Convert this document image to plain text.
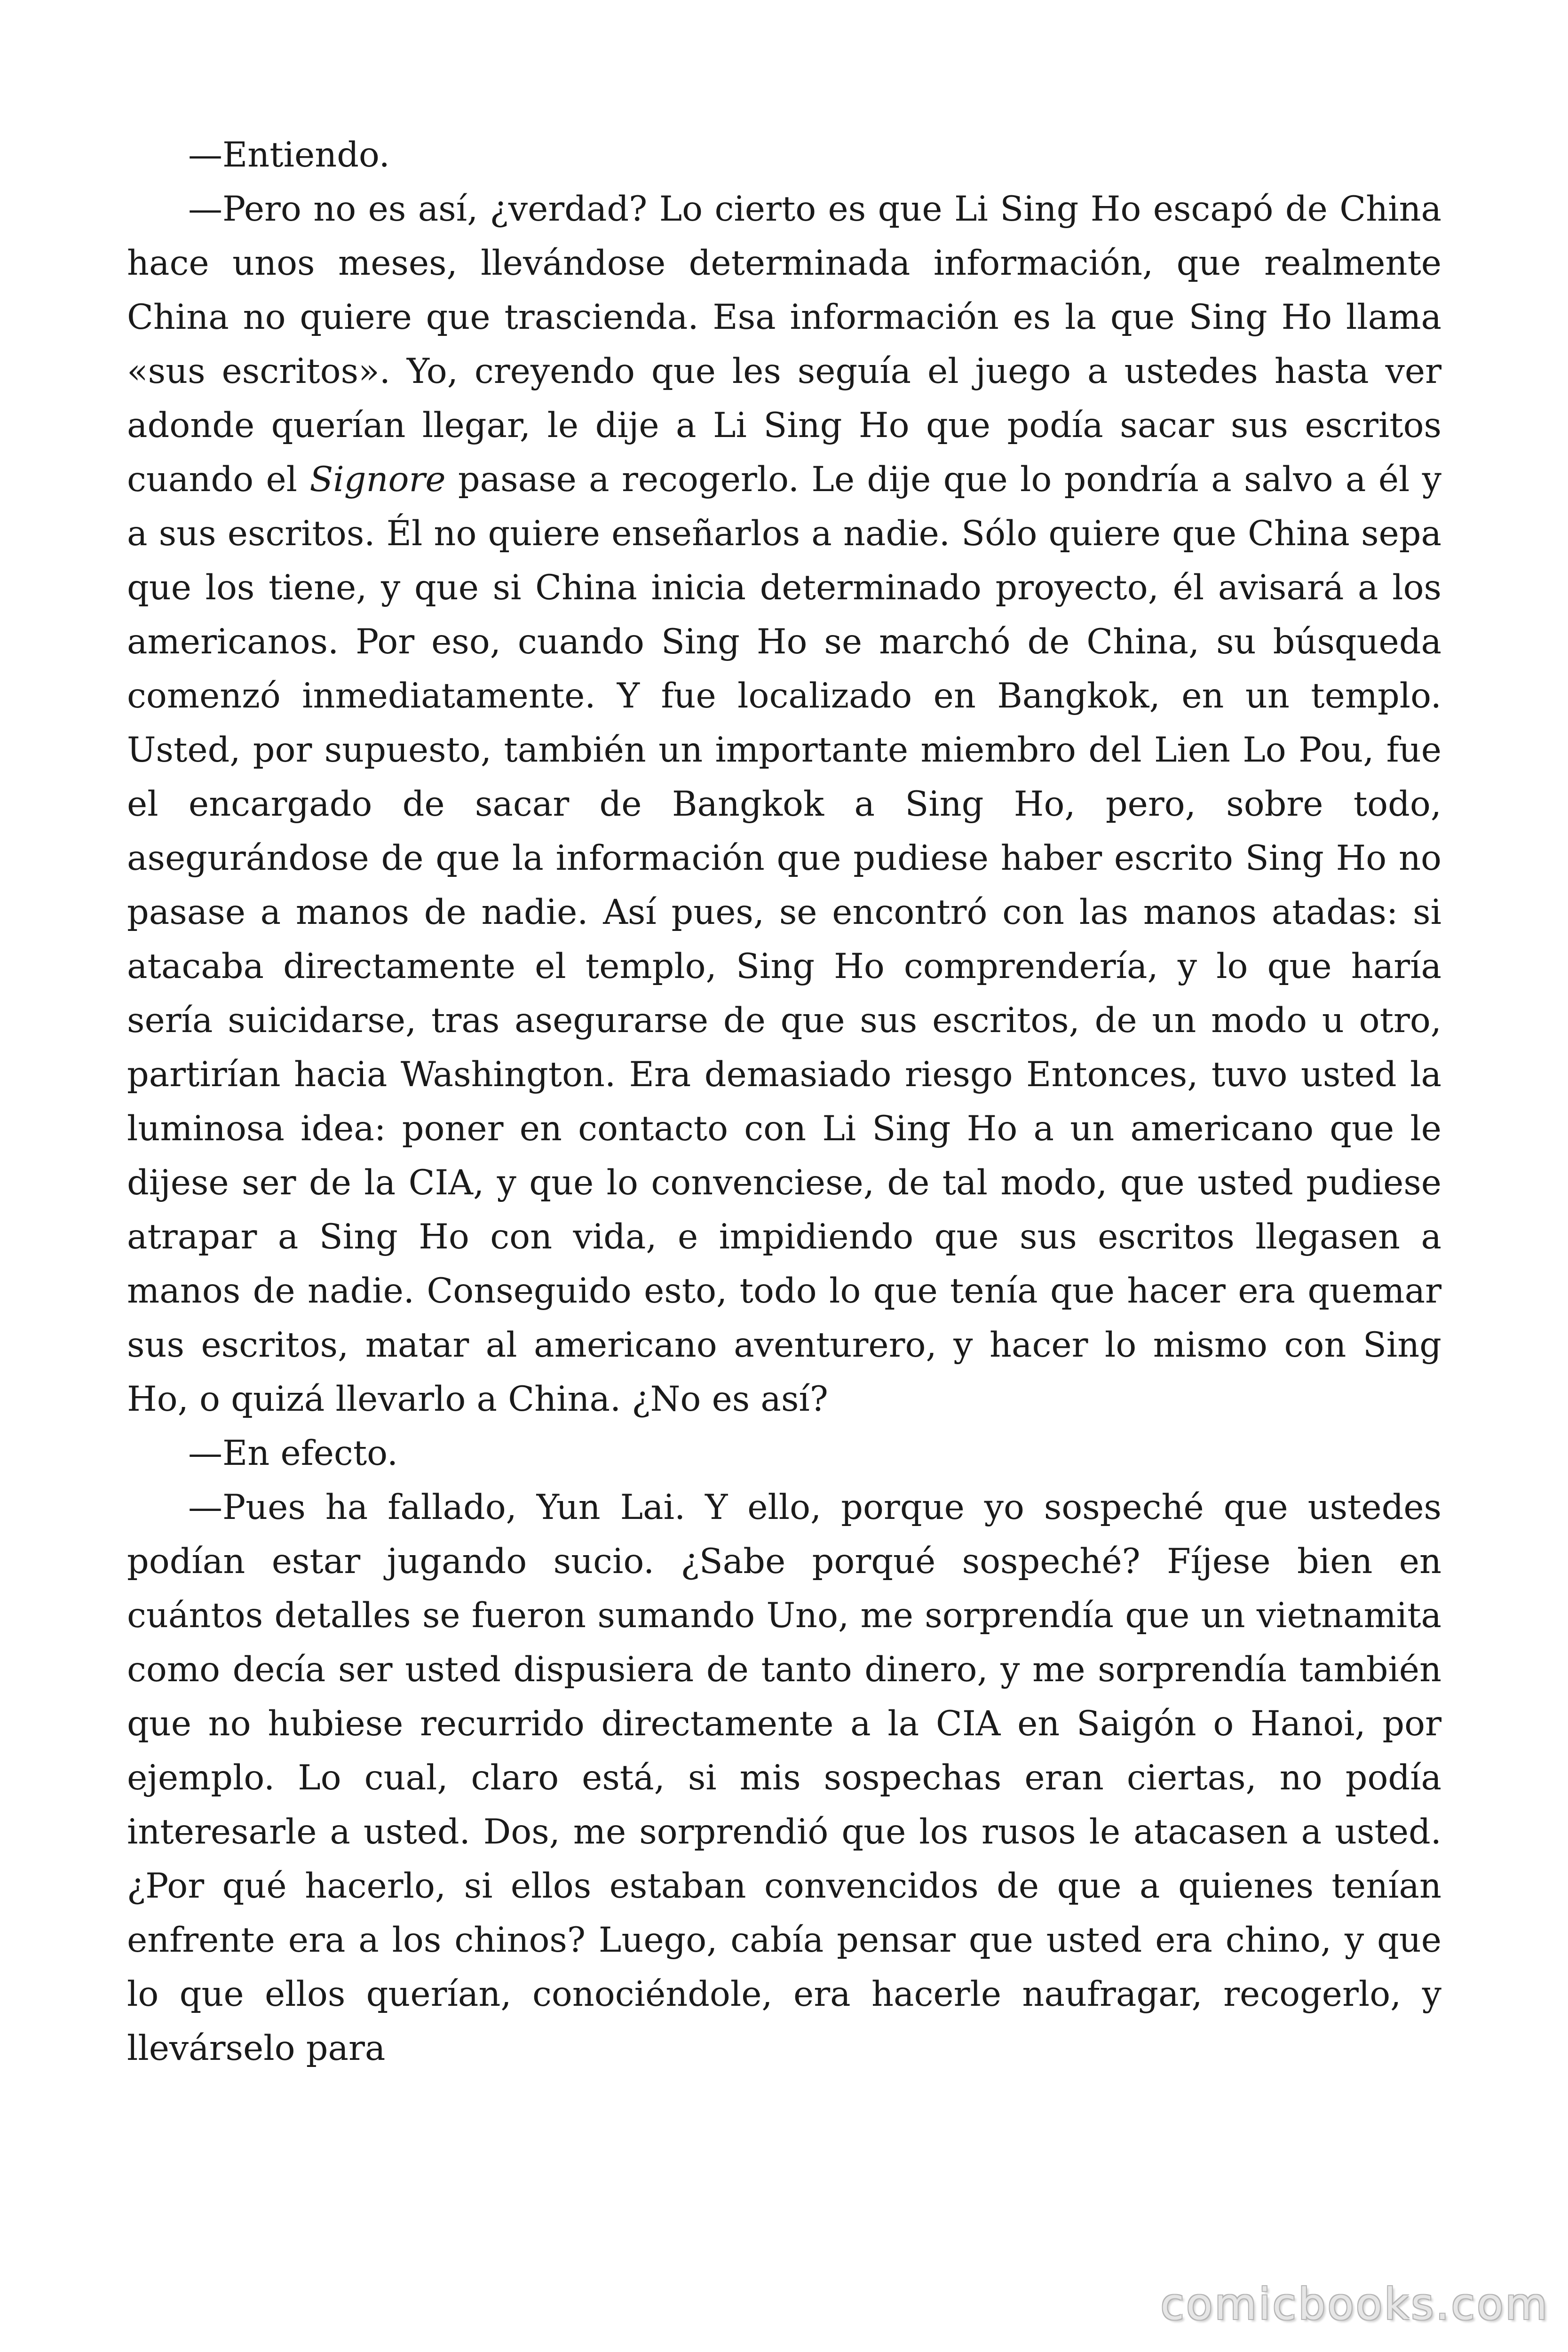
—Entiendo.

—Pero no es así, ¿verdad? Lo cierto es que Li Sing Ho escapó de China hace unos meses, llevándose determinada información, que realmente China no quiere que trascienda. Esa información es la que Sing Ho llama «sus escritos». Yo, creyendo que les seguía el juego a ustedes hasta ver adonde querían llegar, le dije a Li Sing Ho que podía sacar sus escritos cuando el Signore pasase a recogerlo. Le dije que lo pondría a salvo a él y a sus escritos. Él no quiere enseñarlos a nadie. Sólo quiere que China sepa que los tiene, y que si China inicia determinado proyecto, él avisará a los americanos. Por eso, cuando Sing Ho se marchó de China, su búsqueda comenzó inmediatamente. Y fue localizado en Bangkok, en un templo. Usted, por supuesto, también un importante miembro del Lien Lo Pou, fue el encargado de sacar de Bangkok a Sing Ho, pero, sobre todo, asegurándose de que la información que pudiese haber escrito Sing Ho no pasase a manos de nadie. Así pues, se encontró con las manos atadas: si atacaba directamente el templo, Sing Ho comprendería, y lo que haría sería suicidarse, tras asegurarse de que sus escritos, de un modo u otro, partirían hacia Washington. Era demasiado riesgo Entonces, tuvo usted la luminosa idea: poner en contacto con Li Sing Ho a un americano que le dijese ser de la CIA, y que lo convenciese, de tal modo, que usted pudiese atrapar a Sing Ho con vida, e impidiendo que sus escritos llegasen a manos de nadie. Conseguido esto, todo lo que tenía que hacer era quemar sus escritos, matar al americano aventurero, y hacer lo mismo con Sing Ho, o quizá llevarlo a China. ¿No es así?

—En efecto.

—Pues ha fallado, Yun Lai. Y ello, porque yo sospeché que ustedes podían estar jugando sucio. ¿Sabe porqué sospeché? Fíjese bien en cuántos detalles se fueron sumando Uno, me sorprendía que un vietnamita como decía ser usted dispusiera de tanto dinero, y me sorprendía también que no hubiese recurrido directamente a la CIA en Saigón o Hanoi, por ejemplo. Lo cual, claro está, si mis sospechas eran ciertas, no podía interesarle a usted. Dos, me sorprendió que los rusos le atacasen a usted. ¿Por qué hacerlo, si ellos estaban convencidos de que a quienes tenían enfrente era a los chinos? Luego, cabía pensar que usted era chino, y que lo que ellos querían, conociéndole, era hacerle naufragar, recogerlo, y llevárselo para

comicbooks.com
